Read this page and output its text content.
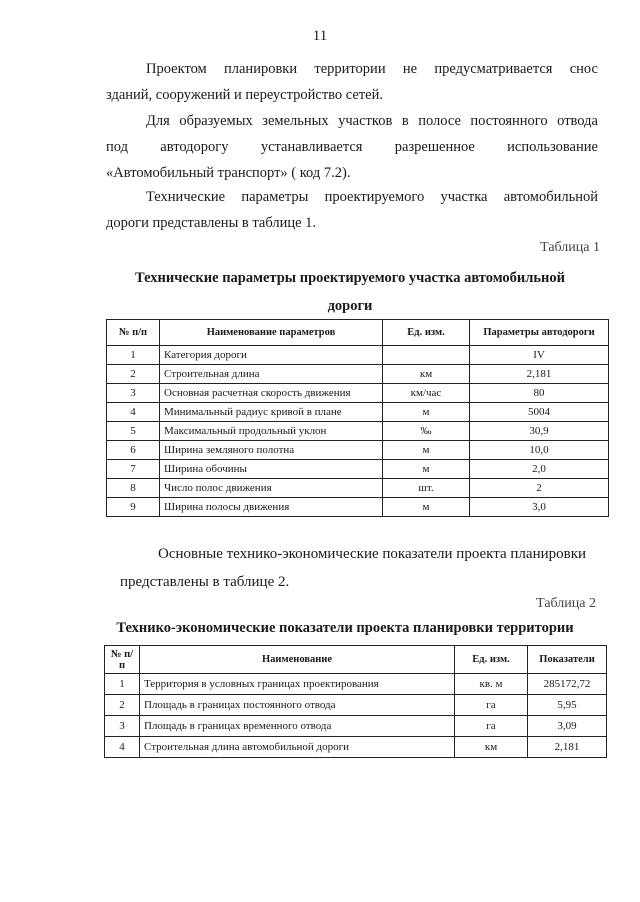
11
Проектом планировки территории не предусматривается снос
зданий, сооружений и переустройство сетей.
Для образуемых земельных участков в полосе постоянного отвода
под автодорогу устанавливается разрешенное использование
«Автомобильный транспорт» ( код 7.2).
Технические параметры проектируемого участка автомобильной
дороги представлены в таблице 1.
Таблица 1
Технические параметры проектируемого участка автомобильной
дороги
№ п/п	Наименование параметров	Ед. изм.	Параметры автодороги
1	Категория дороги		IV
2	Строительная длина	км	2,181
3	Основная расчетная скорость движения	км/час	80
4	Минимальный радиус кривой в плане	м	5004
5	Максимальный продольный уклон	‰	30,9
6	Ширина земляного полотна	м	10,0
7	Ширина обочины	м	2,0
8	Число полос движения	шт.	2
9	Ширина полосы движения	м	3,0
Основные технико-экономические показатели проекта планировки
представлены в таблице 2.
Таблица 2
Технико-экономические показатели проекта планировки территории
№ п/п	Наименование	Ед. изм.	Показатели
1	Территория в условных границах проектирования	кв. м	285172,72
2	Площадь в границах постоянного отвода	га	5,95
3	Площадь в границах временного отвода	га	3,09
4	Строительная длина автомобильной дороги	км	2,181
